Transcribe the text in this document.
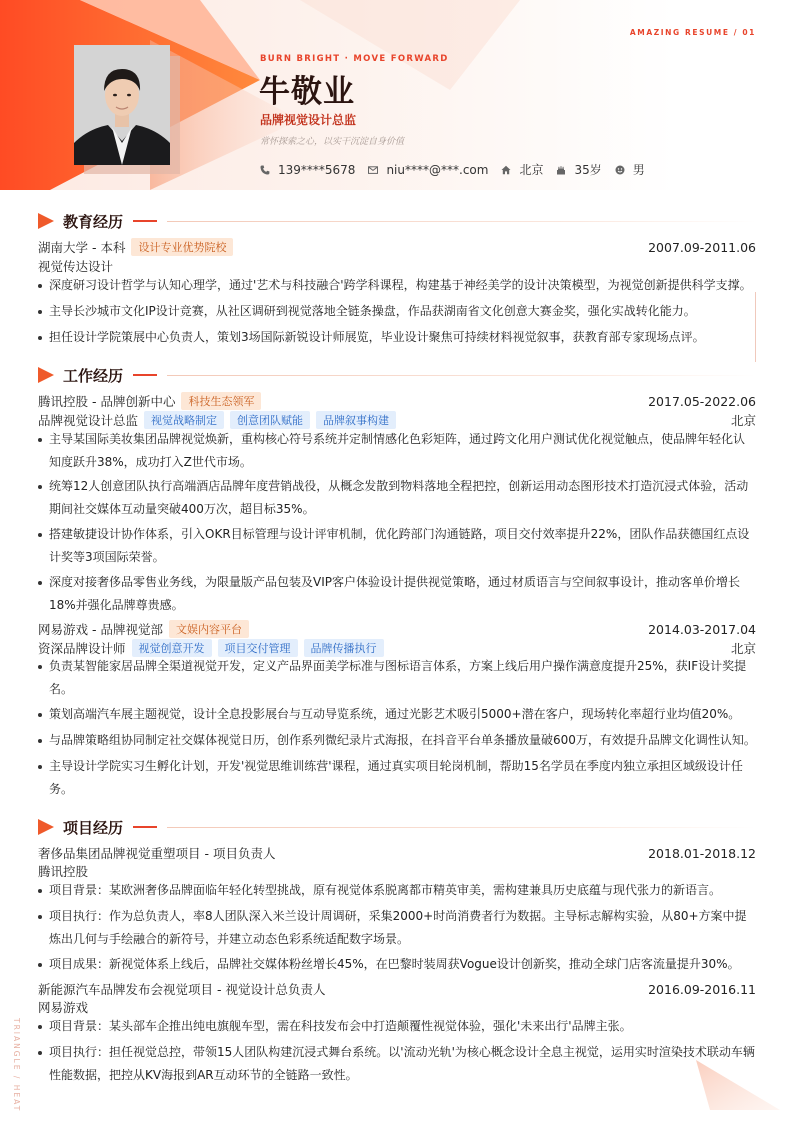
AMAZING RESUME / 01
BURN BRIGHT · MOVE FORWARD
牛敬业
品牌视觉设计总监
常怀探索之心，以实干沉淀自身价值
139****5678	niu****@***.com	北京	35岁	男
教育经历
湖南大学 - 本科	设计专业优势院校	2007.09-2011.06
视觉传达设计
深度研习设计哲学与认知心理学，通过'艺术与科技融合'跨学科课程，构建基于神经美学的设计决策模型，为视觉创新提供科学支撑。
主导长沙城市文化IP设计竞赛，从社区调研到视觉落地全链条操盘，作品获湖南省文化创意大赛金奖，强化实战转化能力。
担任设计学院策展中心负责人，策划3场国际新锐设计师展览，毕业设计聚焦可持续材料视觉叙事，获教育部专家现场点评。
工作经历
腾讯控股 - 品牌创新中心	科技生态领军	2017.05-2022.06
品牌视觉设计总监	视觉战略制定	创意团队赋能	品牌叙事构建	北京
主导某国际美妆集团品牌视觉焕新，重构核心符号系统并定制情感化色彩矩阵，通过跨文化用户测试优化视觉触点，使品牌年轻化认知度跃升38%，成功打入Z世代市场。
统筹12人创意团队执行高端酒店品牌年度营销战役，从概念发散到物料落地全程把控，创新运用动态图形技术打造沉浸式体验，活动期间社交媒体互动量突破400万次，超目标35%。
搭建敏捷设计协作体系，引入OKR目标管理与设计评审机制，优化跨部门沟通链路，项目交付效率提升22%，团队作品获德国红点设计奖等3项国际荣誉。
深度对接奢侈品零售业务线，为限量版产品包装及VIP客户体验设计提供视觉策略，通过材质语言与空间叙事设计，推动客单价增长18%并强化品牌尊贵感。
网易游戏 - 品牌视觉部	文娱内容平台	2014.03-2017.04
资深品牌设计师	视觉创意开发	项目交付管理	品牌传播执行	北京
负责某智能家居品牌全渠道视觉开发，定义产品界面美学标准与图标语言体系，方案上线后用户操作满意度提升25%，获IF设计奖提名。
策划高端汽车展主题视觉，设计全息投影展台与互动导览系统，通过光影艺术吸引5000+潜在客户，现场转化率超行业均值20%。
与品牌策略组协同制定社交媒体视觉日历，创作系列微纪录片式海报，在抖音平台单条播放量破600万，有效提升品牌文化调性认知。
主导设计学院实习生孵化计划，开发'视觉思维训练营'课程，通过真实项目轮岗机制，帮助15名学员在季度内独立承担区域级设计任务。
项目经历
奢侈品集团品牌视觉重塑项目 - 项目负责人	2018.01-2018.12
腾讯控股
项目背景：某欧洲奢侈品牌面临年轻化转型挑战，原有视觉体系脱离都市精英审美，需构建兼具历史底蕴与现代张力的新语言。
项目执行：作为总负责人，率8人团队深入米兰设计周调研，采集2000+时尚消费者行为数据。主导标志解构实验，从80+方案中提炼出几何与手绘融合的新符号，并建立动态色彩系统适配数字场景。
项目成果：新视觉体系上线后，品牌社交媒体粉丝增长45%，在巴黎时装周获Vogue设计创新奖，推动全球门店客流量提升30%。
新能源汽车品牌发布会视觉项目 - 视觉设计总负责人	2016.09-2016.11
网易游戏
项目背景：某头部车企推出纯电旗舰车型，需在科技发布会中打造颠覆性视觉体验，强化'未来出行'品牌主张。
项目执行：担任视觉总控，带领15人团队构建沉浸式舞台系统。以'流动光轨'为核心概念设计全息主视觉，运用实时渲染技术联动车辆性能数据，把控从KV海报到AR互动环节的全链路一致性。
TRIANGLE / HEAT
